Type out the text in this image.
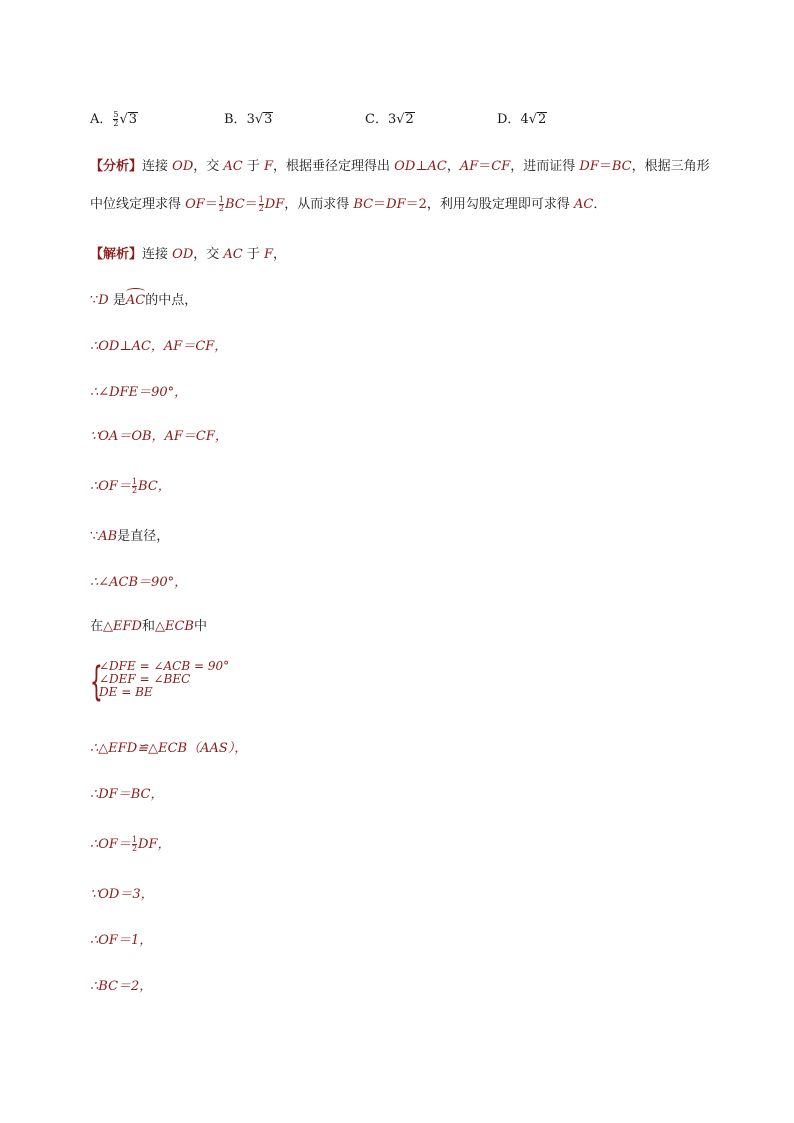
A． $\frac{5}{2} √3$	B．3√3	C．3√2	D．4√2
【分析】连接 OD，交 AC 于 F，根据垂径定理得出 OD⊥AC，AF＝CF，进而证得 DF＝BC，根据三角形
中位线定理求得 $OF= \frac{1}{2} BC= \frac{1}{2}$ DF，从而求得 BC＝DF＝2，利用勾股定理即可求得 AC．
【解析】连接 OD，交 AC 于 F，
∵D 是AC的中点，
∴OD⊥AC，AF＝CF，
∴∠DFE＝90°，
∵OA＝OB，AF＝CF，
∴OF＝ $\frac{1}{2}$ BC，
∵AB是直径，
∴∠ACB＝90°，
在△EFD和△ECB中
{
∠DFE = ∠ACB = 90°
∠DEF = ∠BEC
DE = BE
∴△EFD≌△ECB（AAS），
∴DF＝BC，
∴OF＝ $\frac{1}{2}$ DF，
∵OD＝3，
∴OF＝1，
∴BC＝2，
